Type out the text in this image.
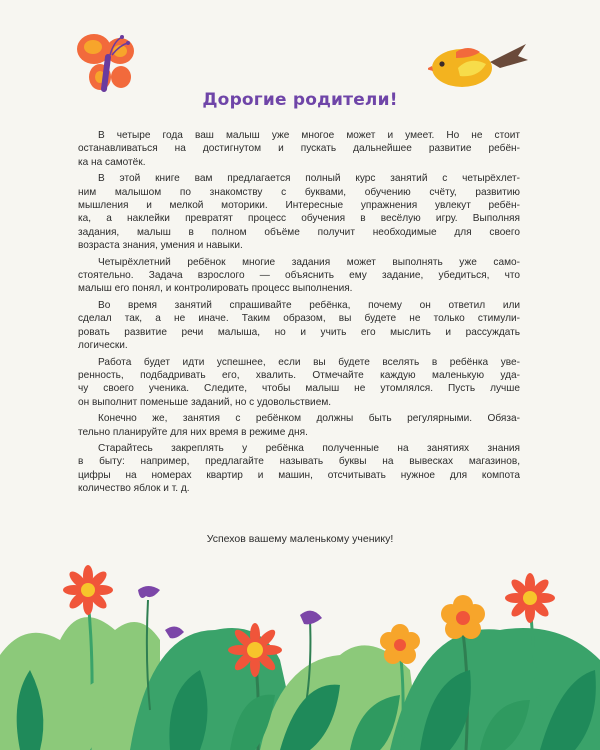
Дорогие родители!

В четыре года ваш малыш уже многое может и умеет. Но не стоит
останавливаться на достигнутом и пускать дальнейшее развитие ребён-
ка на самотёк.

В этой книге вам предлагается полный курс занятий с четырёхлет-
ним малышом по знакомству с буквами, обучению счёту, развитию
мышления и мелкой моторики. Интересные упражнения увлекут ребён-
ка, а наклейки превратят процесс обучения в весёлую игру. Выполняя
задания, малыш в полном объёме получит необходимые для своего
возраста знания, умения и навыки.

Четырёхлетний ребёнок многие задания может выполнять уже само-
стоятельно. Задача взрослого — объяснить ему задание, убедиться, что
малыш его понял, и контролировать процесс выполнения.

Во время занятий спрашивайте ребёнка, почему он ответил или
сделал так, а не иначе. Таким образом, вы будете не только стимули-
ровать развитие речи малыша, но и учить его мыслить и рассуждать
логически.

Работа будет идти успешнее, если вы будете вселять в ребёнка уве-
ренность, подбадривать его, хвалить. Отмечайте каждую маленькую уда-
чу своего ученика. Следите, чтобы малыш не утомлялся. Пусть лучше
он выполнит поменьше заданий, но с удовольствием.

Конечно же, занятия с ребёнком должны быть регулярными. Обяза-
тельно планируйте для них время в режиме дня.

Старайтесь закреплять у ребёнка полученные на занятиях знания
в быту: например, предлагайте называть буквы на вывесках магазинов,
цифры на номерах квартир и машин, отсчитывать нужное для компота
количество яблок и т. д.

Успехов вашему маленькому ученику!
